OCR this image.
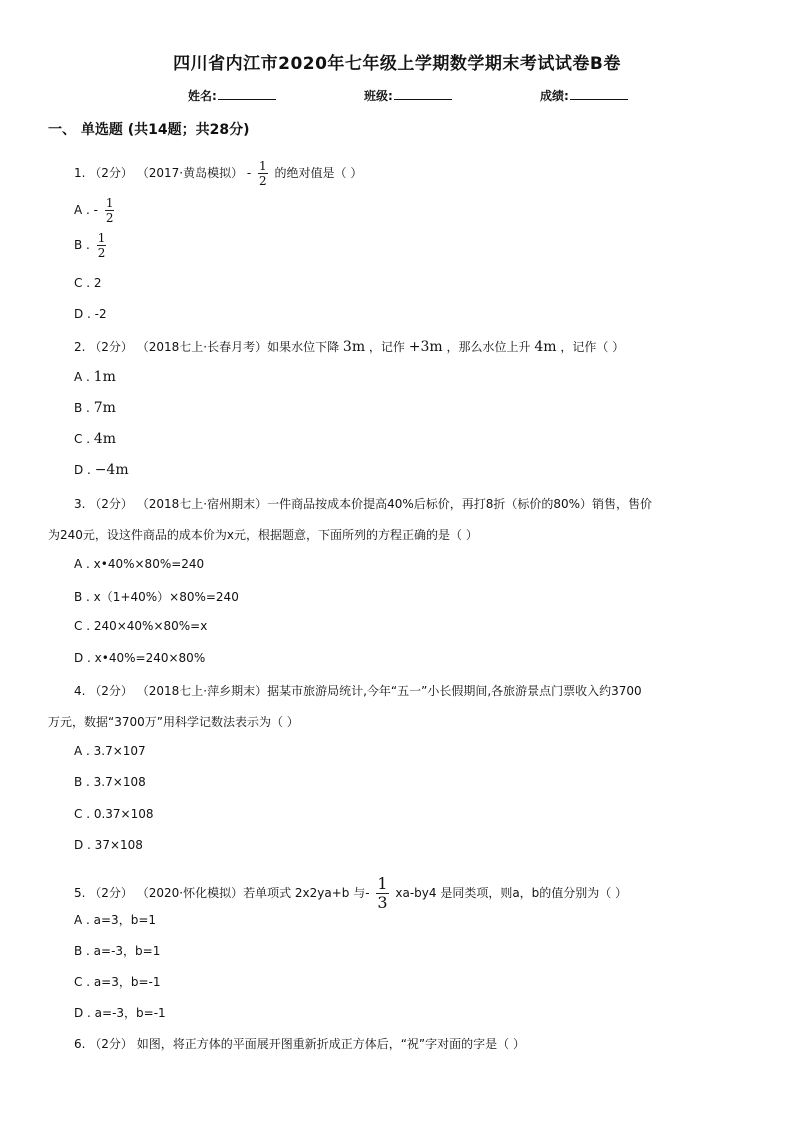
四川省内江市2020年七年级上学期数学期末考试试卷B卷
姓名:	班级:	成绩:
一、 单选题 (共14题；共28分)
1. （2分） （2017·黄岛模拟） - $\frac{1}{2}$ 的绝对值是（ ）
A . - $\frac{1}{2}$
B . $\frac{1}{2}$
C . 2
D . -2
2. （2分） （2018七上·长春月考）如果水位下降 3m ，记作 +3m ，那么水位上升 4m ，记作（ ）
A . 1m
B . 7m
C . 4m
D . −4m
3. （2分） （2018七上·宿州期末）一件商品按成本价提高40%后标价，再打8折（标价的80%）销售，售价
为240元，设这件商品的成本价为x元，根据题意，下面所列的方程正确的是（ ）
A . x•40%×80%=240
B . x（1+40%）×80%=240
C . 240×40%×80%=x
D . x•40%=240×80%
4. （2分） （2018七上·萍乡期末）据某市旅游局统计,今年“五一”小长假期间,各旅游景点门票收入约3700
万元，数据“3700万”用科学记数法表示为（ ）
A . 3.7×107
B . 3.7×108
C . 0.37×108
D . 37×108
5. （2分） （2020·怀化模拟）若单项式 2x2ya+b 与- $\frac{1}{3} xa-by4$ 是同类项，则a，b的值分别为（ ）
A . a=3，b=1
B . a=-3，b=1
C . a=3，b=-1
D . a=-3，b=-1
6. （2分） 如图，将正方体的平面展开图重新折成正方体后，“祝”字对面的字是（ ）
